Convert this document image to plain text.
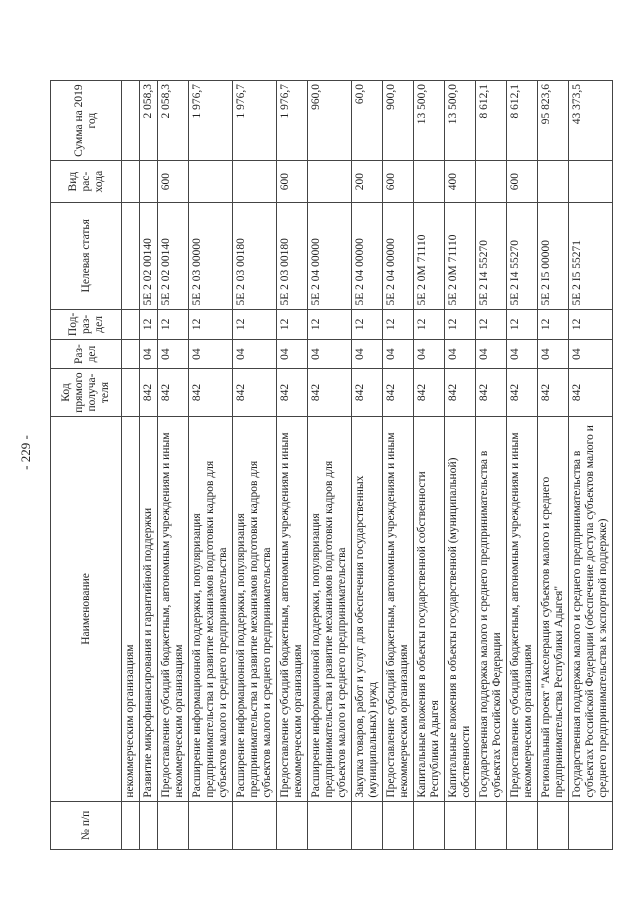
- 229 -
№ п/п	Наименование	Код прямого получа-теля	Раз-дел	Под-раз-дел	Целевая статья	Вид рас-хода	Сумма на 2019 год
	некоммерческим организациям						
	Развитие микрофинансирования и гарантийной поддержки	842	04	12	5Е 2 02 00140		2 058,3
	Предоставление субсидий бюджетным, автономным учреждениям и иным некоммерческим организациям	842	04	12	5Е 2 02 00140	600	2 058,3
	Расширение информационной поддержки, популяризация предпринимательства и развитие механизмов подготовки кадров для субъектов малого и среднего предпринимательства	842	04	12	5Е 2 03 00000		1 976,7
	Расширение информационной поддержки, популяризация предпринимательства и развитие механизмов подготовки кадров для субъектов малого и среднего предпринимательства	842	04	12	5Е 2 03 00180		1 976,7
	Предоставление субсидий бюджетным, автономным учреждениям и иным некоммерческим организациям	842	04	12	5Е 2 03 00180	600	1 976,7
	Расширение информационной поддержки, популяризация предпринимательства и развитие механизмов подготовки кадров для субъектов малого и среднего предпринимательства	842	04	12	5Е 2 04 00000		960,0
	Закупка товаров, работ и услуг для обеспечения государственных (муниципальных) нужд	842	04	12	5Е 2 04 00000	200	60,0
	Предоставление субсидий бюджетным, автономным учреждениям и иным некоммерческим организациям	842	04	12	5Е 2 04 00000	600	900,0
	Капитальные вложения в объекты государственной собственности Республики Адыгея	842	04	12	5Е 2 0М 71110		13 500,0
	Капитальные вложения в объекты государственной (муниципальной) собственности	842	04	12	5Е 2 0М 71110	400	13 500,0
	Государственная поддержка малого и среднего предпринимательства в субъектах Российской Федерации	842	04	12	5Е 2 I4 55270		8 612,1
	Предоставление субсидий бюджетным, автономным учреждениям и иным некоммерческим организациям	842	04	12	5Е 2 I4 55270	600	8 612,1
	Региональный проект "Акселерация субъектов малого и среднего предпринимательства Республики Адыгея"	842	04	12	5Е 2 I5 00000		95 823,6
	Государственная поддержка малого и среднего предпринимательства в субъектах Российской Федерации (обеспечение доступа субъектов малого и среднего предпринимательства к экспортной поддержке)	842	04	12	5Е 2 I5 55271		43 373,5
